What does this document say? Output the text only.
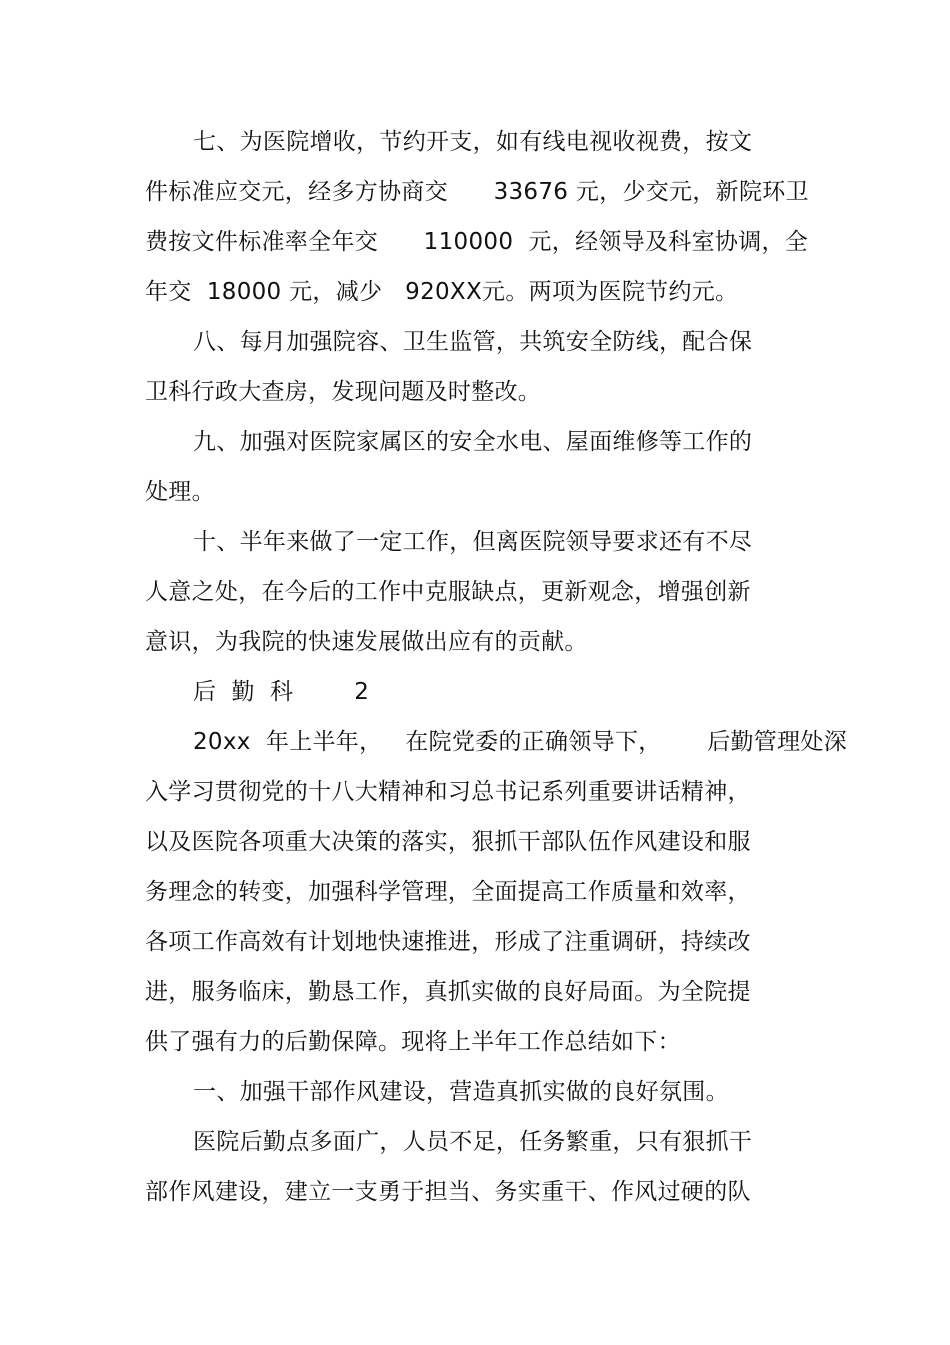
七、为医院增收，节约开支，如有线电视收视费，按文
件标准应交元，经多方协商交      33676 元，少交元，新院环卫
费按文件标准率全年交      110000  元，经领导及科室协调，全
年交  18000 元，减少   920XX元。两项为医院节约元。
八、每月加强院容、卫生监管，共筑安全防线，配合保
卫科行政大查房，发现问题及时整改。
九、加强对医院家属区的安全水电、屋面维修等工作的
处理。
十、半年来做了一定工作，但离医院领导要求还有不尽
人意之处，在今后的工作中克服缺点，更新观念，增强创新
意识，为我院的快速发展做出应有的贡献。
后  勤  科        2
20xx  年上半年，   在院党委的正确领导下，      后勤管理处深
入学习贯彻党的十八大精神和习总书记系列重要讲话精神，
以及医院各项重大决策的落实，狠抓干部队伍作风建设和服
务理念的转变，加强科学管理，全面提高工作质量和效率，
各项工作高效有计划地快速推进，形成了注重调研，持续改
进，服务临床，勤恳工作，真抓实做的良好局面。为全院提
供了强有力的后勤保障。现将上半年工作总结如下：
一、加强干部作风建设，营造真抓实做的良好氛围。
医院后勤点多面广，人员不足，任务繁重，只有狠抓干
部作风建设，建立一支勇于担当、务实重干、作风过硬的队
